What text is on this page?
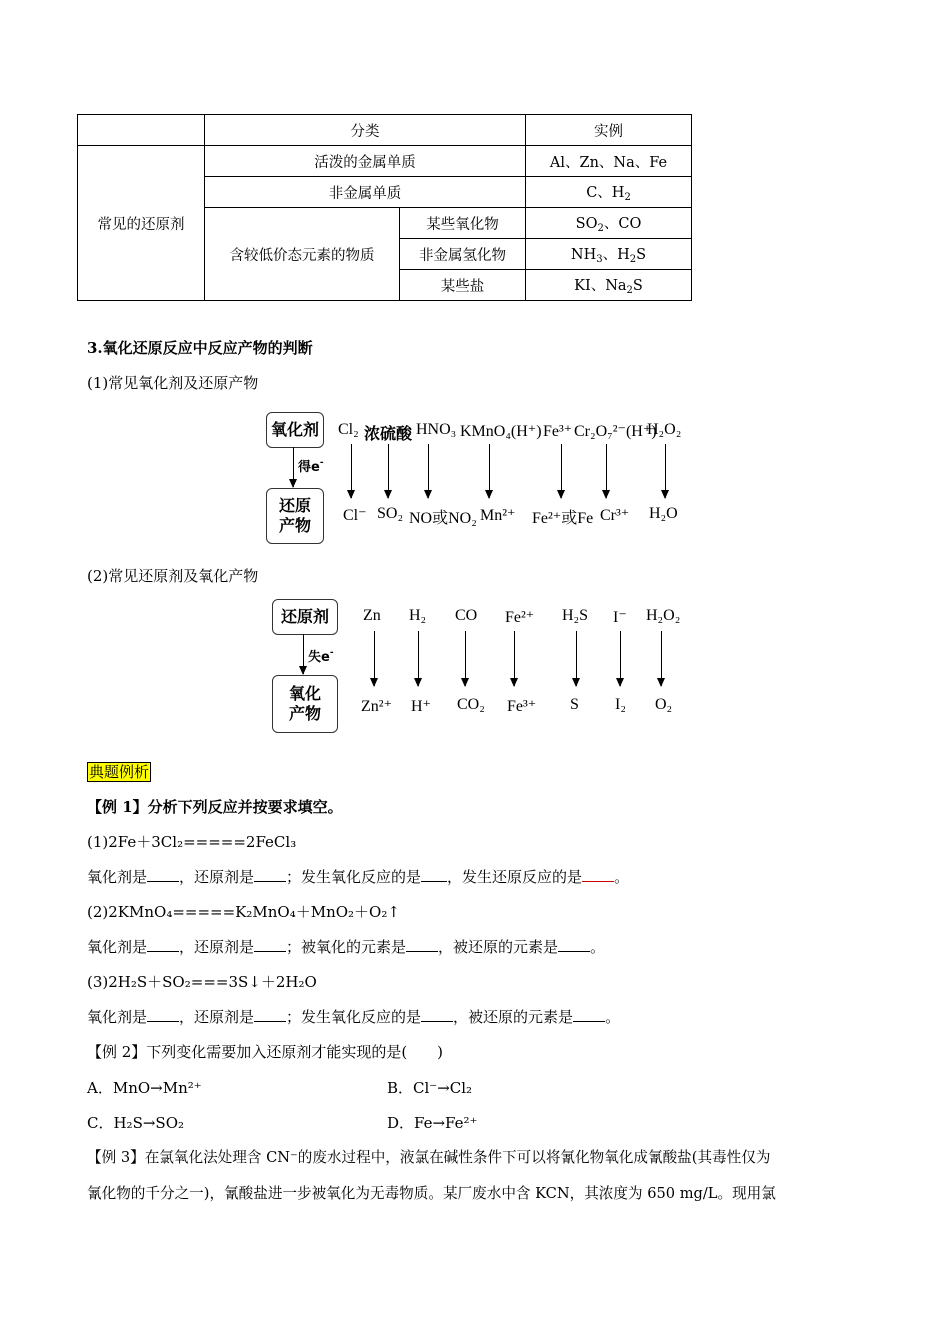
	分类		实例
常见的还原剂	活泼的金属单质		Al、Zn、Na、Fe
	非金属单质		C、$H_2$
	含较低价态元素的物质	某些氧化物	$SO_2$、CO
		非金属氢化物	$NH_3$、$H_2S$
		某些盐	KI、$Na_2S$
3.氧化还原反应中反应产物的判断
(1)常见氧化剂及还原产物
氧化剂
得e-
还原
产物
Cl₂ 浓硫酸 HNO₃ KMnO₄(H⁺) Fe³⁺ Cr₂O₇²⁻(H⁺)
H₂O₂
Cl⁻ SO₂ NO或NO₂ Mn²⁺ Fe²⁺或Fe Cr³⁺ H₂O
(2)常见还原剂及氧化产物
还原剂
失e-
氧化
产物
Zn H₂ CO Fe²⁺ H₂S I⁻ H₂O₂
Zn²⁺ H⁺ CO₂ Fe³⁺ S I₂ O₂
典题例析
【例 1】分析下列反应并按要求填空。
(1)2Fe＋3Cl₂=====2FeCl₃
氧化剂是 ，还原剂是 ；发生氧化反应的是 ，发生还原反应的是 。
(2)2KMnO₄=====K₂MnO₄＋MnO₂＋O₂↑
氧化剂是 ，还原剂是 ；被氧化的元素是 ，被还原的元素是 。
(3)2H₂S＋SO₂===3S↓＋2H₂O
氧化剂是 ，还原剂是 ；发生氧化反应的是 ，被还原的元素是 。
【例 2】下列变化需要加入还原剂才能实现的是(　　)
A．MnO→Mn²⁺	B．Cl⁻→Cl₂
C．H₂S→SO₂	D．Fe→Fe²⁺
【例 3】在氯氧化法处理含 CN⁻的废水过程中，液氯在碱性条件下可以将氰化物氧化成氰酸盐(其毒性仅为
氰化物的千分之一)，氰酸盐进一步被氧化为无毒物质。某厂废水中含 KCN，其浓度为 650 mg/L。现用氯
